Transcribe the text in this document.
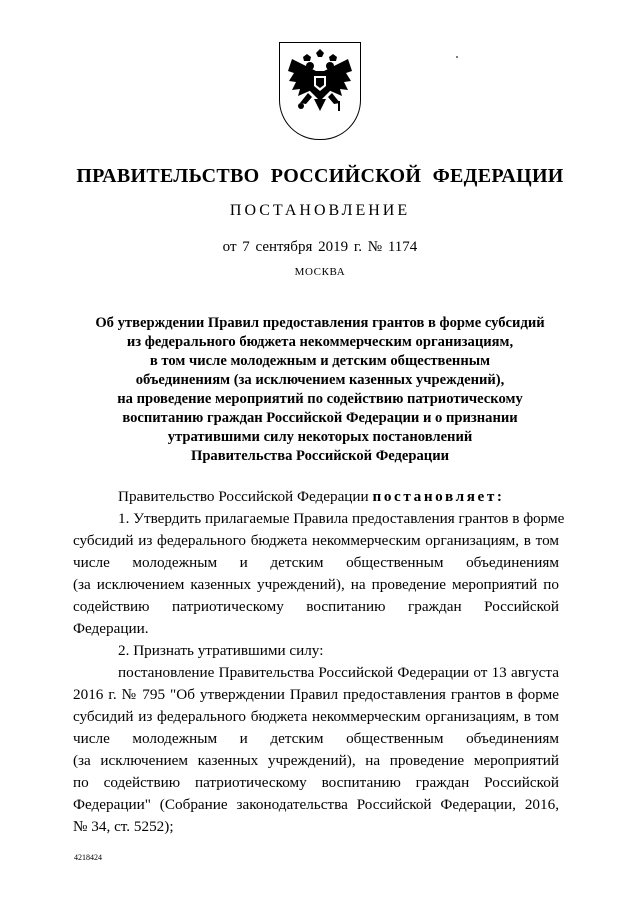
ПРАВИТЕЛЬСТВО РОССИЙСКОЙ ФЕДЕРАЦИИ
ПОСТАНОВЛЕНИЕ
от 7 сентября 2019 г. № 1174
МОСКВА
Об утверждении Правил предоставления грантов в форме субсидий
из федерального бюджета некоммерческим организациям,
в том числе молодежным и детским общественным
объединениям (за исключением казенных учреждений),
на проведение мероприятий по содействию патриотическому
воспитанию граждан Российской Федерации и о признании
утратившими силу некоторых постановлений
Правительства Российской Федерации
Правительство Российской Федерации постановляет:
1. Утвердить прилагаемые Правила предоставления грантов в форме
субсидий из федерального бюджета некоммерческим организациям, в том
числе молодежным и детским общественным объединениям
(за исключением казенных учреждений), на проведение мероприятий по
содействию патриотическому воспитанию граждан Российской
Федерации.
2. Признать утратившими силу:
постановление Правительства Российской Федерации от 13 августа
2016 г. № 795 "Об утверждении Правил предоставления грантов в форме
субсидий из федерального бюджета некоммерческим организациям, в том
числе молодежным и детским общественным объединениям
(за исключением казенных учреждений), на проведение мероприятий
по содействию патриотическому воспитанию граждан Российской
Федерации" (Собрание законодательства Российской Федерации, 2016,
№ 34, ст. 5252);
4218424
